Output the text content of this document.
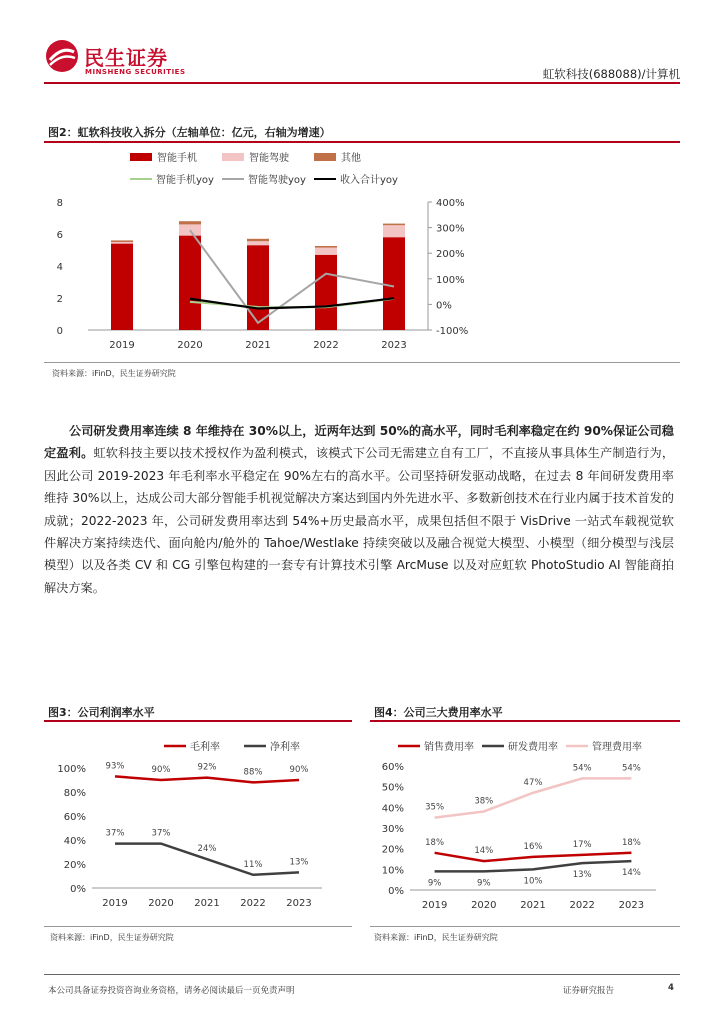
民生证券
MINSHENG SECURITIES	虹软科技(688088)/计算机
图2：虹软科技收入拆分（左轴单位：亿元，右轴为增速）
智能手机	智能驾驶	其他
智能手机yoy	智能驾驶yoy	收入合计yoy
0
2
4
6
8
-100%
0%
100%
200%
300%
400%
2019	2020	2021	2022	2023
资料来源：iFinD，民生证券研究院
公司研发费用率连续 8 年维持在 30%以上，近两年达到 50%的高水平，同时毛利率稳定在约 90%保证公司稳定盈利。虹软科技主要以技术授权作为盈利模式，该模式下公司无需建立自有工厂，不直接从事具体生产制造行为，因此公司 2019-2023 年毛利率水平稳定在 90%左右的高水平。公司坚持研发驱动战略，在过去 8 年间研发费用率维持 30%以上，达成公司大部分智能手机视觉解决方案达到国内外先进水平、多数新创技术在行业内属于技术首发的成就；2022-2023 年，公司研发费用率达到 54%+历史最高水平，成果包括但不限于 VisDrive 一站式车载视觉软件解决方案持续迭代、面向舱内/舱外的 Tahoe/Westlake 持续突破以及融合视觉大模型、小模型（细分模型与浅层模型）以及各类 CV 和 CG 引擎包构建的一套专有计算技术引擎 ArcMuse 以及对应虹软 PhotoStudio AI 智能商拍解决方案。
图3：公司利润率水平
毛利率	净利率
0%
20%
40%
60%
80%
100%
2019 2020 2021 2022 2023
93%	90%	92%	88%	90%
37%	37%
24%
11%	13%
资料来源：iFinD，民生证券研究院
图4：公司三大费用率水平
销售费用率	研发费用率	管理费用率
0%
10%
20%
30%
40%
50%
60%
2019 2020 2021 2022 2023
18%
14%	16%	17%	18%
9%	9%	10%
13%	14%
35%
38%
47%
54%	54%
资料来源：iFinD，民生证券研究院
本公司具备证券投资咨询业务资格，请务必阅读最后一页免责声明	证券研究报告	4
